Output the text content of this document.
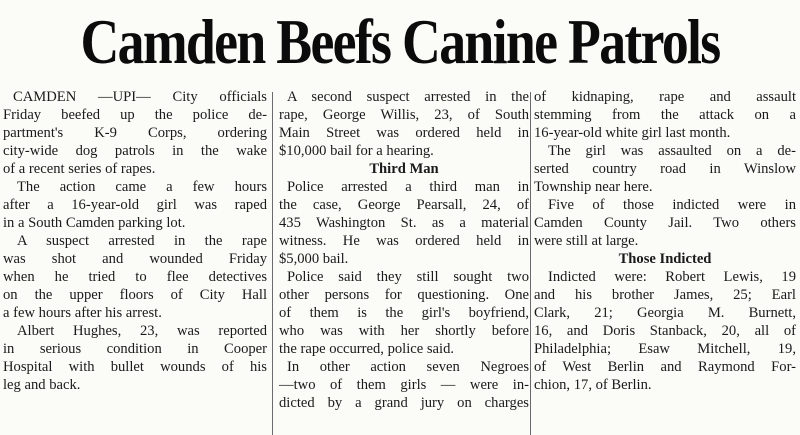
Camden Beefs Canine Patrols
CAMDEN —UPI— City officials
Friday beefed up the police de-
partment's K-9 Corps, ordering
city-wide dog patrols in the wake
of a recent series of rapes.
The action came a few hours
after a 16-year-old girl was raped
in a South Camden parking lot.
A suspect arrested in the rape
was shot and wounded Friday
when he tried to flee detectives
on the upper floors of City Hall
a few hours after his arrest.
Albert Hughes, 23, was reported
in serious condition in Cooper
Hospital with bullet wounds of his
leg and back.
A second suspect arrested in the
rape, George Willis, 23, of South
Main Street was ordered held in
$10,000 bail for a hearing.
Third Man
Police arrested a third man in
the case, George Pearsall, 24, of
435 Washington St. as a material
witness. He was ordered held in
$5,000 bail.
Police said they still sought two
other persons for questioning. One
of them is the girl's boyfriend,
who was with her shortly before
the rape occurred, police said.
In other action seven Negroes
—two of them girls — were in-
dicted by a grand jury on charges
of kidnaping, rape and assault
stemming from the attack on a
16-year-old white girl last month.
The girl was assaulted on a de-
serted country road in Winslow
Township near here.
Five of those indicted were in
Camden County Jail. Two others
were still at large.
Those Indicted
Indicted were: Robert Lewis, 19
and his brother James, 25; Earl
Clark, 21; Georgia M. Burnett,
16, and Doris Stanback, 20, all of
Philadelphia; Esaw Mitchell, 19,
of West Berlin and Raymond For-
chion, 17, of Berlin.
